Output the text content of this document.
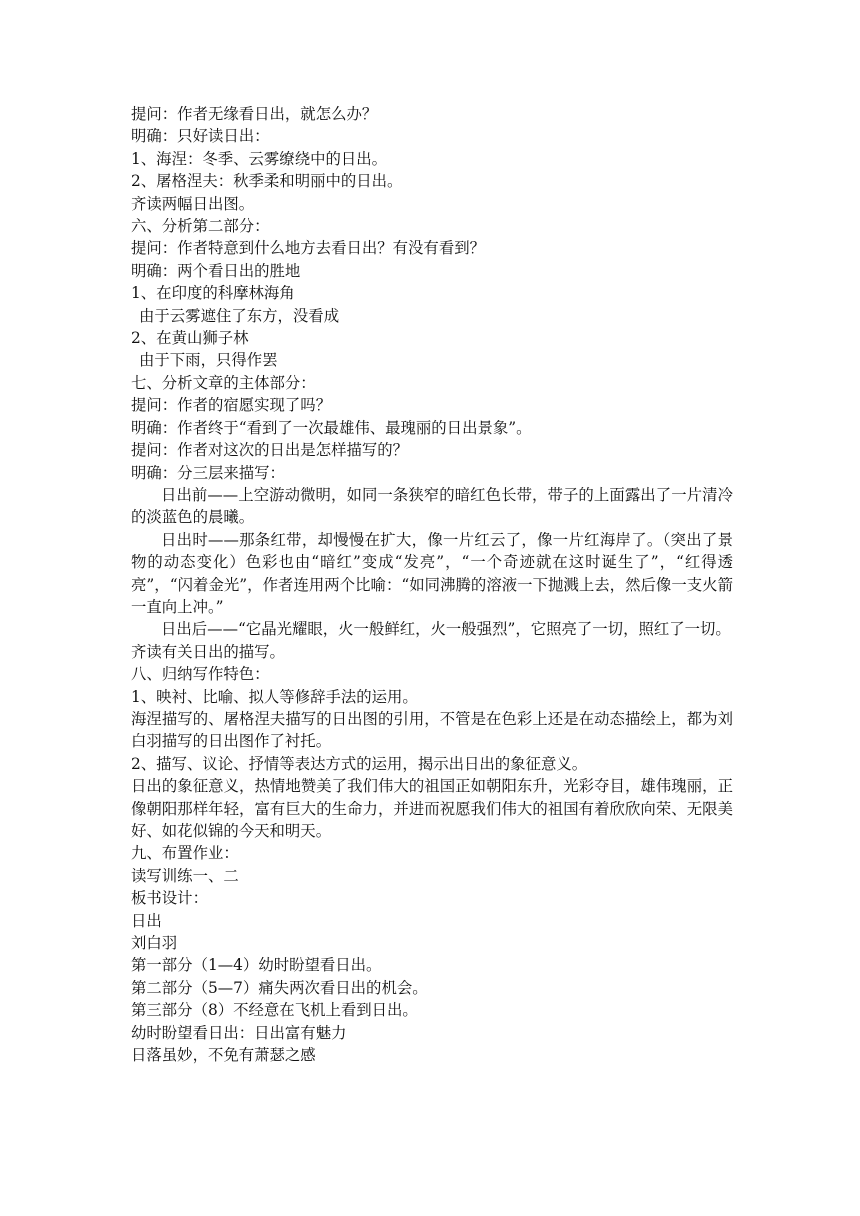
提问：作者无缘看日出，就怎么办？
明确：只好读日出：
1、海涅：冬季、云雾缭绕中的日出。
2、屠格涅夫：秋季柔和明丽中的日出。
齐读两幅日出图。
六、分析第二部分：
提问：作者特意到什么地方去看日出？有没有看到？
明确：两个看日出的胜地
1、在印度的科摩林海角
由于云雾遮住了东方，没看成
2、在黄山狮子林
由于下雨，只得作罢
七、分析文章的主体部分：
提问：作者的宿愿实现了吗？
明确：作者终于“看到了一次最雄伟、最瑰丽的日出景象”。
提问：作者对这次的日出是怎样描写的？
明确：分三层来描写：
日出前——上空游动微明，如同一条狭窄的暗红色长带，带子的上面露出了一片清冷的淡蓝色的晨曦。
日出时——那条红带，却慢慢在扩大，像一片红云了，像一片红海岸了。（突出了景物的动态变化）色彩也由“暗红”变成“发亮”，“一个奇迹就在这时诞生了”，“红得透亮”，“闪着金光”，作者连用两个比喻：“如同沸腾的溶液一下抛溅上去，然后像一支火箭一直向上冲。”
日出后——“它晶光耀眼，火一般鲜红，火一般强烈”，它照亮了一切，照红了一切。
齐读有关日出的描写。
八、归纳写作特色：
1、映衬、比喻、拟人等修辞手法的运用。
海涅描写的、屠格涅夫描写的日出图的引用，不管是在色彩上还是在动态描绘上，都为刘白羽描写的日出图作了衬托。
2、描写、议论、抒情等表达方式的运用，揭示出日出的象征意义。
日出的象征意义，热情地赞美了我们伟大的祖国正如朝阳东升，光彩夺目，雄伟瑰丽，正像朝阳那样年轻，富有巨大的生命力，并进而祝愿我们伟大的祖国有着欣欣向荣、无限美好、如花似锦的今天和明天。
九、布置作业：
读写训练一、二
板书设计：
日出
刘白羽
第一部分（1—4）幼时盼望看日出。
第二部分（5—7）痛失两次看日出的机会。
第三部分（8）不经意在飞机上看到日出。
幼时盼望看日出：日出富有魅力
日落虽妙，不免有萧瑟之感
